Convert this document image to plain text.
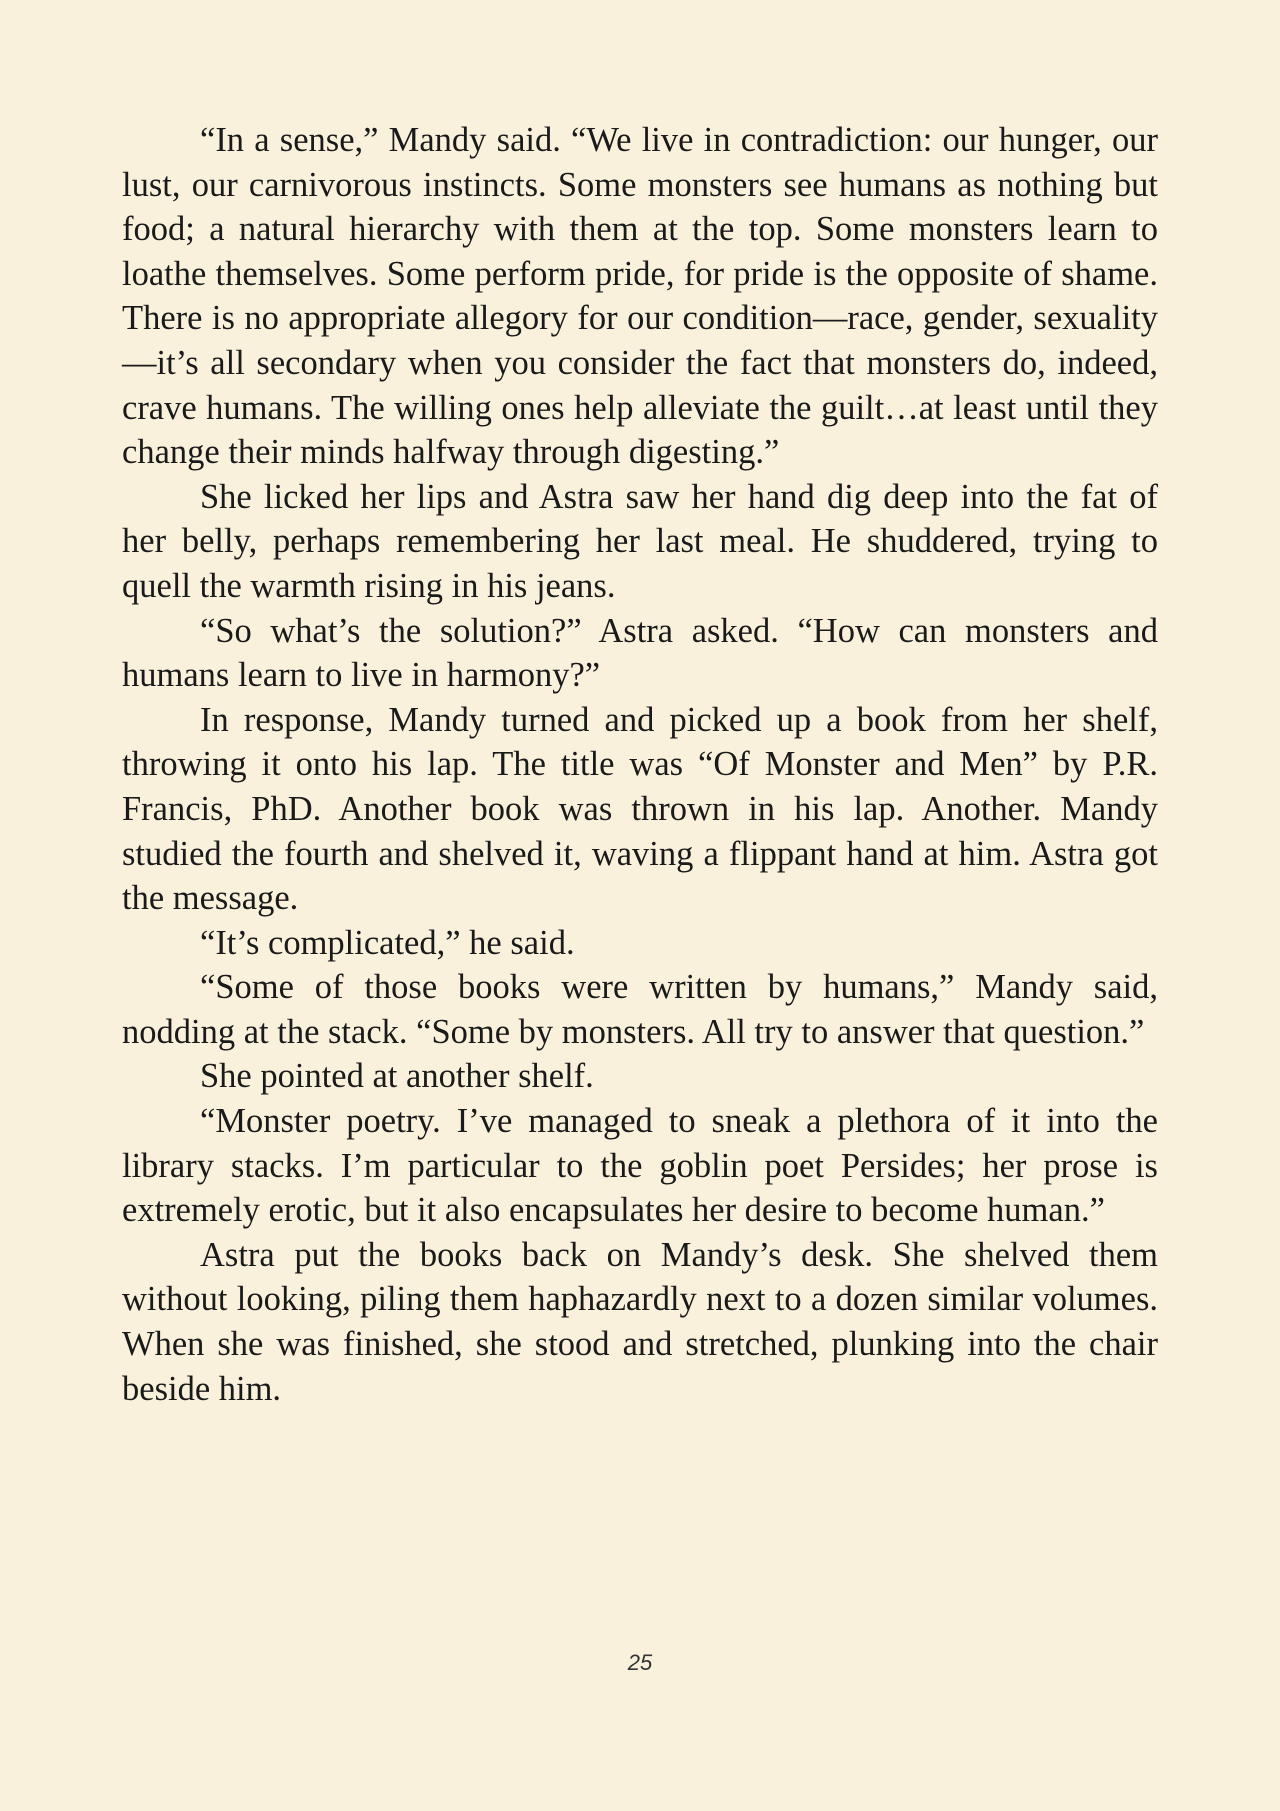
“In a sense,” Mandy said. “We live in contradiction: our hunger, our lust, our carnivorous instincts. Some monsters see humans as nothing but food; a natural hierarchy with them at the top. Some monsters learn to loathe themselves. Some perform pride, for pride is the opposite of shame. There is no appropriate allegory for our condition—race, gender, sexuality—it’s all secondary when you consider the fact that monsters do, indeed, crave humans. The willing ones help alleviate the guilt…at least until they change their minds halfway through digesting.”

She licked her lips and Astra saw her hand dig deep into the fat of her belly, perhaps remembering her last meal. He shuddered, trying to quell the warmth rising in his jeans.

“So what’s the solution?” Astra asked. “How can monsters and humans learn to live in harmony?”

In response, Mandy turned and picked up a book from her shelf, throwing it onto his lap. The title was “Of Monster and Men” by P.R. Francis, PhD. Another book was thrown in his lap. Another. Mandy studied the fourth and shelved it, waving a flippant hand at him. Astra got the message.

“It’s complicated,” he said.

“Some of those books were written by humans,” Mandy said, nodding at the stack. “Some by monsters. All try to answer that question.”

She pointed at another shelf.

“Monster poetry. I’ve managed to sneak a plethora of it into the library stacks. I’m particular to the goblin poet Persides; her prose is extremely erotic, but it also encapsulates her desire to become human.”

Astra put the books back on Mandy’s desk. She shelved them without looking, piling them haphazardly next to a dozen similar volumes. When she was finished, she stood and stretched, plunking into the chair beside him.

25
